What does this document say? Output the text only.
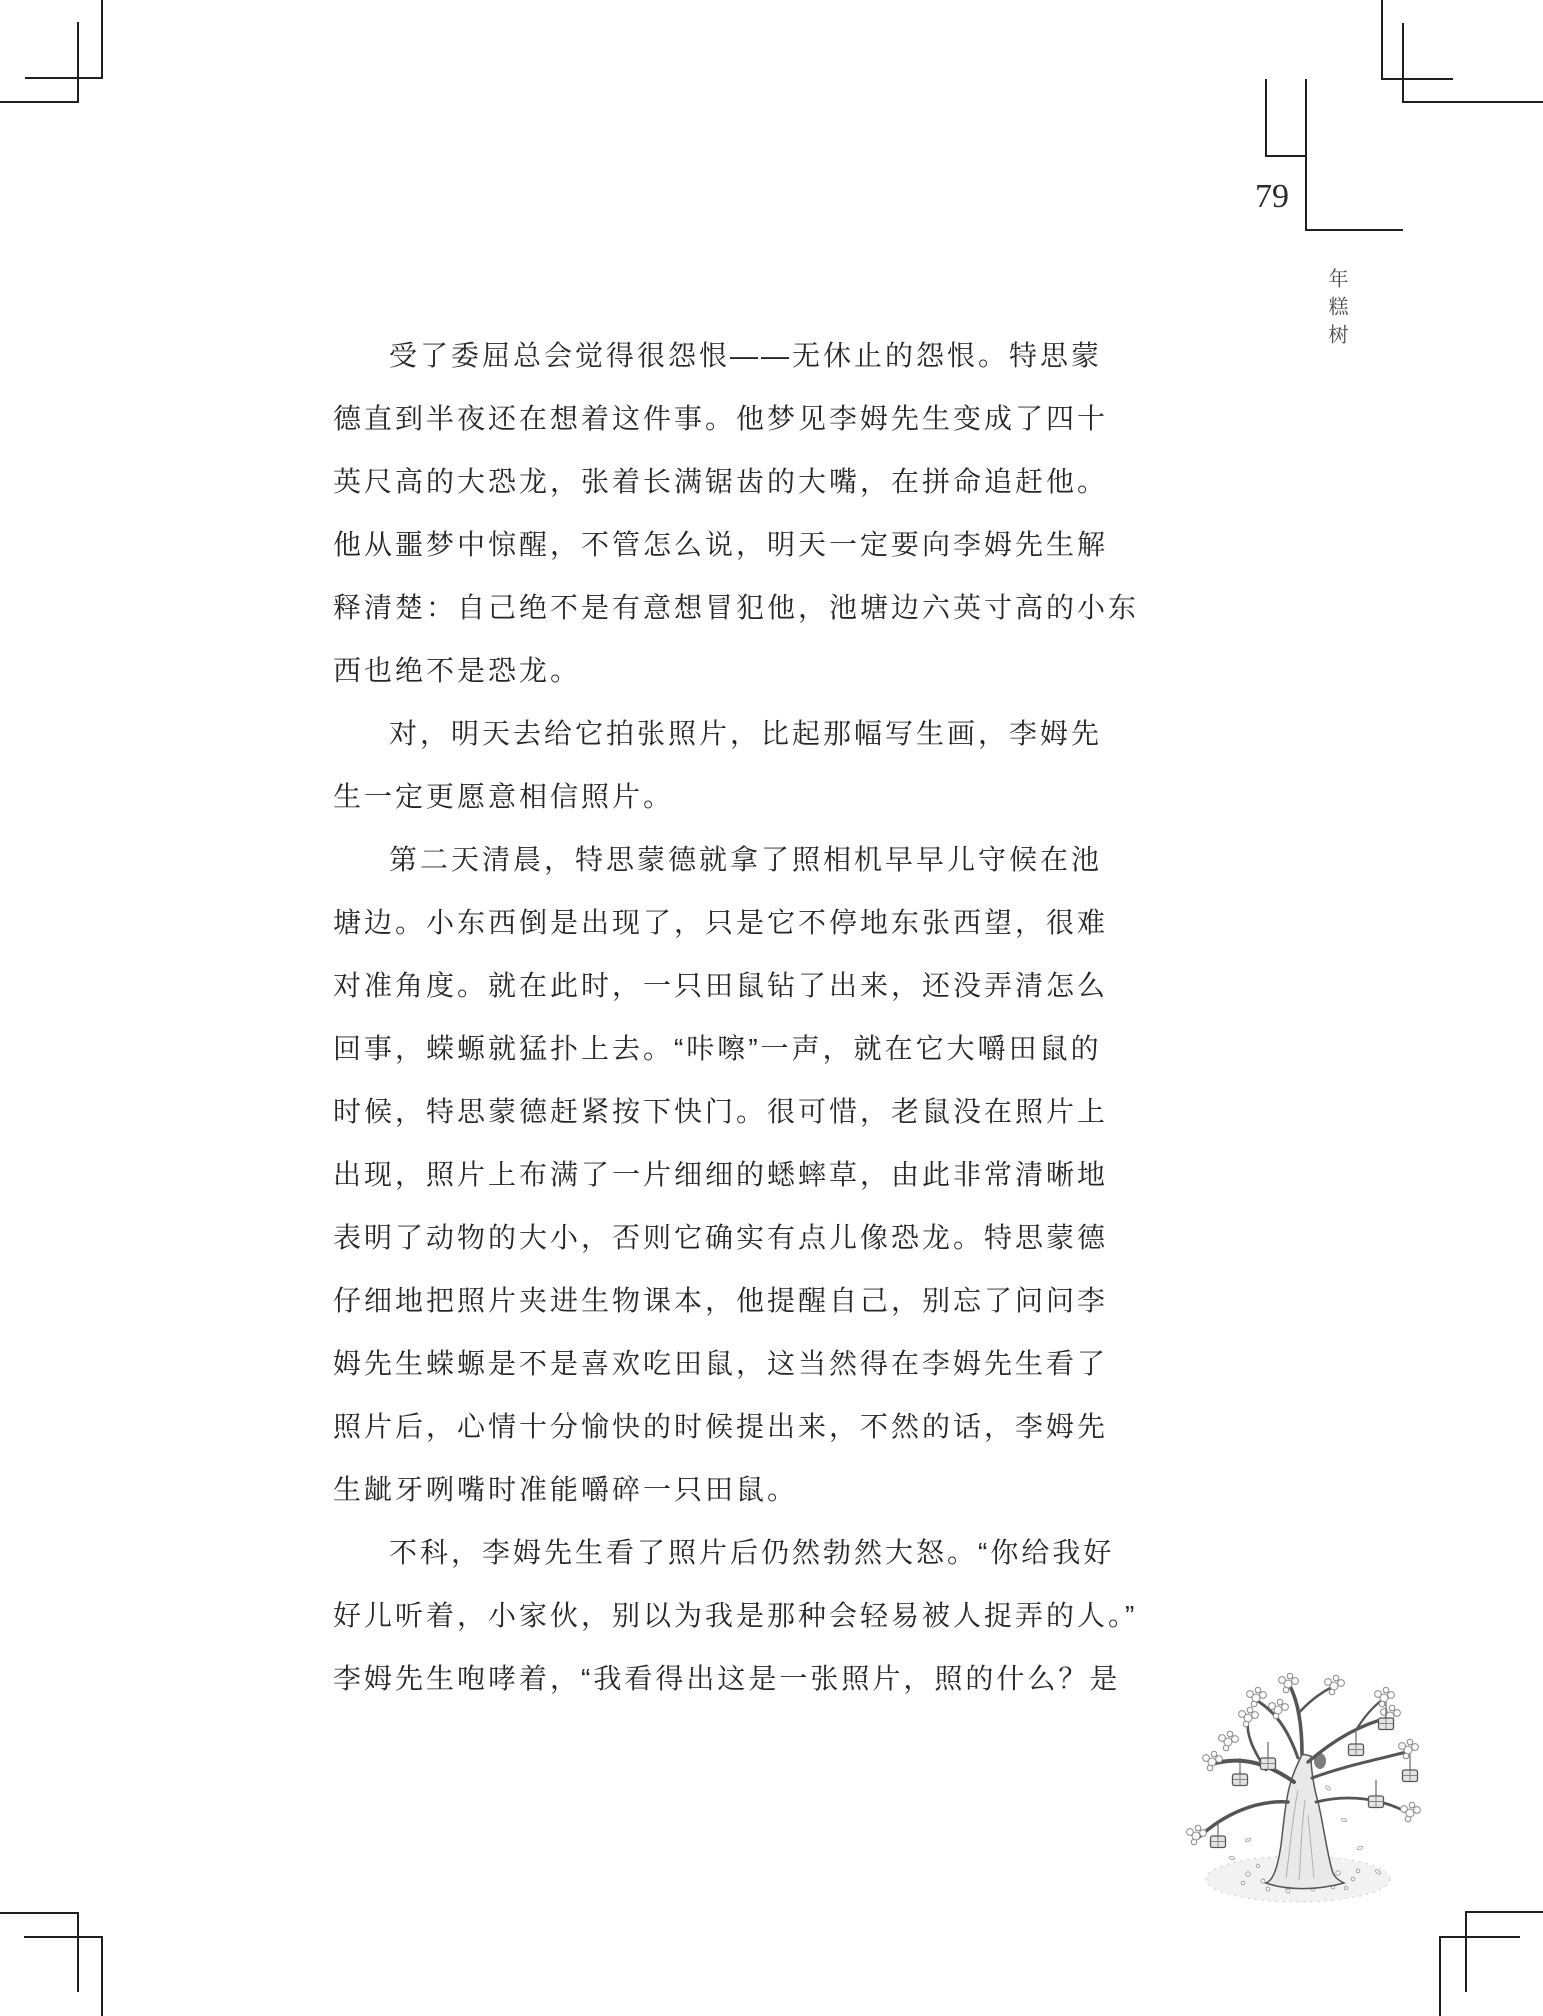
79
年糕树
受了委屈总会觉得很怨恨——无休止的怨恨。特思蒙
德直到半夜还在想着这件事。他梦见李姆先生变成了四十
英尺高的大恐龙，张着长满锯齿的大嘴，在拼命追赶他。
他从噩梦中惊醒，不管怎么说，明天一定要向李姆先生解
释清楚：自己绝不是有意想冒犯他，池塘边六英寸高的小东
西也绝不是恐龙。
对，明天去给它拍张照片，比起那幅写生画，李姆先
生一定更愿意相信照片。
第二天清晨，特思蒙德就拿了照相机早早儿守候在池
塘边。小东西倒是出现了，只是它不停地东张西望，很难
对准角度。就在此时，一只田鼠钻了出来，还没弄清怎么
回事，蝾螈就猛扑上去。“咔嚓”一声，就在它大嚼田鼠的
时候，特思蒙德赶紧按下快门。很可惜，老鼠没在照片上
出现，照片上布满了一片细细的蟋蟀草，由此非常清晰地
表明了动物的大小，否则它确实有点儿像恐龙。特思蒙德
仔细地把照片夹进生物课本，他提醒自己，别忘了问问李
姆先生蝾螈是不是喜欢吃田鼠，这当然得在李姆先生看了
照片后，心情十分愉快的时候提出来，不然的话，李姆先
生龇牙咧嘴时准能嚼碎一只田鼠。
不科，李姆先生看了照片后仍然勃然大怒。“你给我好
好儿听着，小家伙，别以为我是那种会轻易被人捉弄的人。”
李姆先生咆哮着，“我看得出这是一张照片，照的什么？是
